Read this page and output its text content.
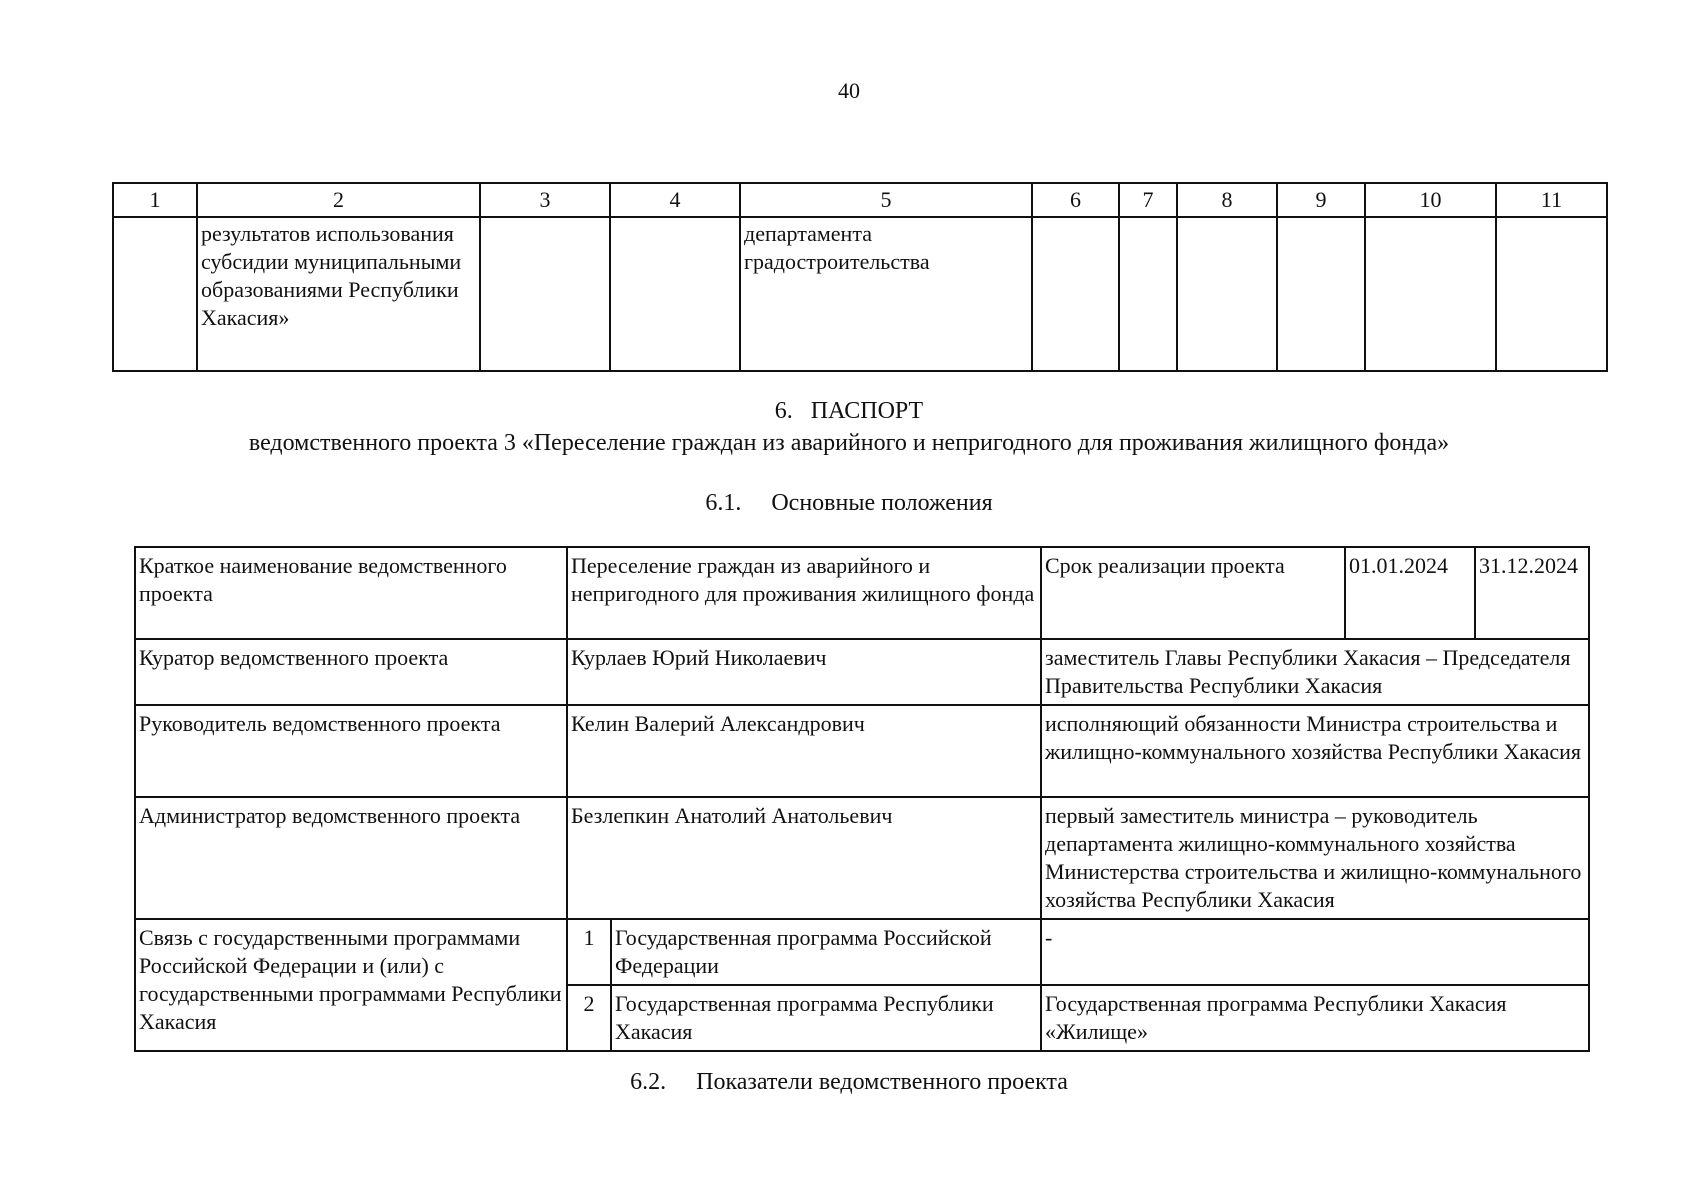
40
1	2	3	4	5	6	7	8	9	10	11
	результатов использования субсидии муниципальными образованиями Республики Хакасия»			департамента градостроительства						
6.   ПАСПОРТ
ведомственного проекта 3 «Переселение граждан из аварийного и непригодного для проживания жилищного фонда»
6.1.     Основные положения
Краткое наименование ведомственного проекта	Переселение граждан из аварийного и непригодного для проживания жилищного фонда		Срок реализации проекта	01.01.2024	31.12.2024
Куратор ведомственного проекта	Курлаев Юрий Николаевич		заместитель Главы Республики Хакасия – Председателя Правительства Республики Хакасия		
Руководитель ведомственного проекта	Келин Валерий Александрович		исполняющий обязанности Министра строительства и жилищно-коммунального хозяйства Республики Хакасия		
Администратор ведомственного проекта	Безлепкин Анатолий Анатольевич		первый заместитель министра – руководитель департамента жилищно-коммунального хозяйства Министерства строительства и жилищно-коммунального хозяйства Республики Хакасия		
Связь с государственными программами Российской Федерации и (или) с государственными программами Республики Хакасия	1	Государственная программа Российской Федерации	-		
	2	Государственная программа Республики Хакасия	Государственная программа Республики Хакасия «Жилище»		
6.2.     Показатели ведомственного проекта
